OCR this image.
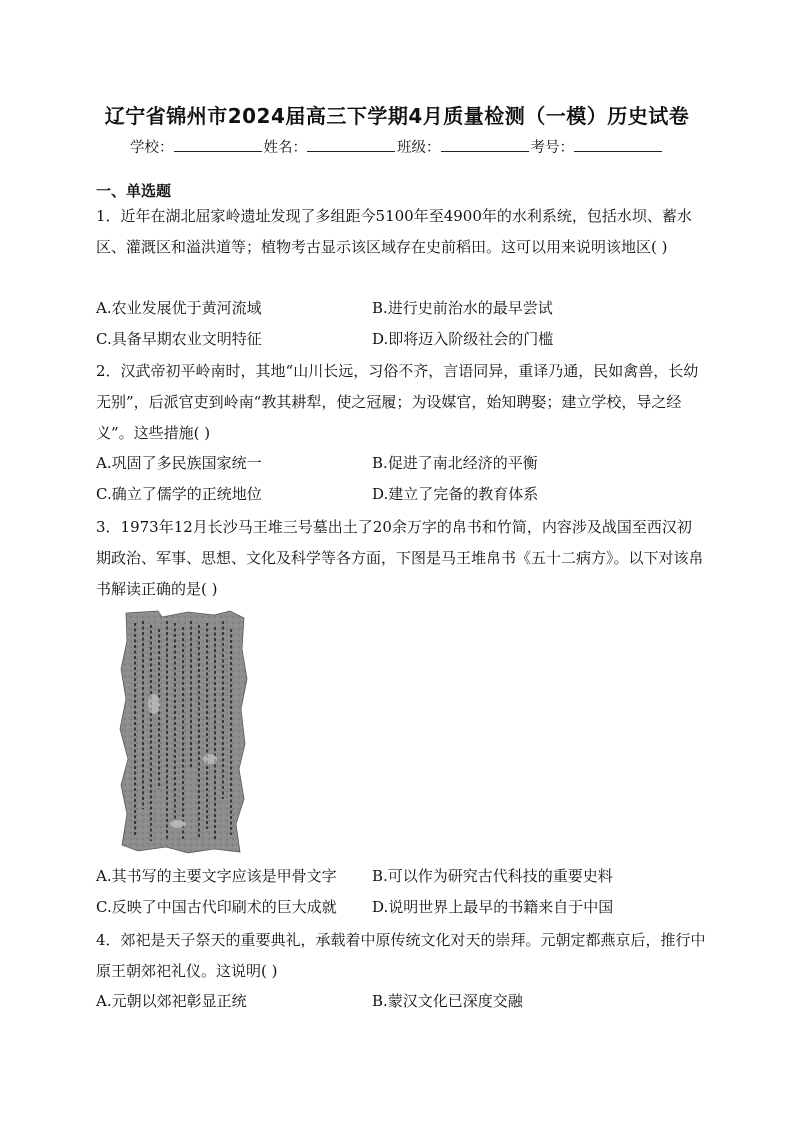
辽宁省锦州市2024届高三下学期4月质量检测（一模）历史试卷
学校：	姓名：	班级：	考号：
一、单选题
1．近年在湖北屈家岭遗址发现了多组距今5100年至4900年的水利系统，包括水坝、蓄水区、灌溉区和溢洪道等；植物考古显示该区域存在史前稻田。这可以用来说明该地区( )
A.农业发展优于黄河流域	B.进行史前治水的最早尝试
C.具备早期农业文明特征	D.即将迈入阶级社会的门槛
2．汉武帝初平岭南时，其地“山川长远，习俗不齐，言语同异，重译乃通，民如禽兽，长幼无别”，后派官吏到岭南“教其耕犁，使之冠履；为设媒官，始知聘娶；建立学校，导之经义”。这些措施( )
A.巩固了多民族国家统一	B.促进了南北经济的平衡
C.确立了儒学的正统地位	D.建立了完备的教育体系
3．1973年12月长沙马王堆三号墓出土了20余万字的帛书和竹简，内容涉及战国至西汉初期政治、军事、思想、文化及科学等各方面，下图是马王堆帛书《五十二病方》。以下对该帛书解读正确的是( )
A.其书写的主要文字应该是甲骨文字 B.可以作为研究古代科技的重要史料
C.反映了中国古代印刷术的巨大成就 D.说明世界上最早的书籍来自于中国
4．郊祀是天子祭天的重要典礼，承载着中原传统文化对天的崇拜。元朝定都燕京后，推行中原王朝郊祀礼仪。这说明( )
A.元朝以郊祀彰显正统	B.蒙汉文化已深度交融
